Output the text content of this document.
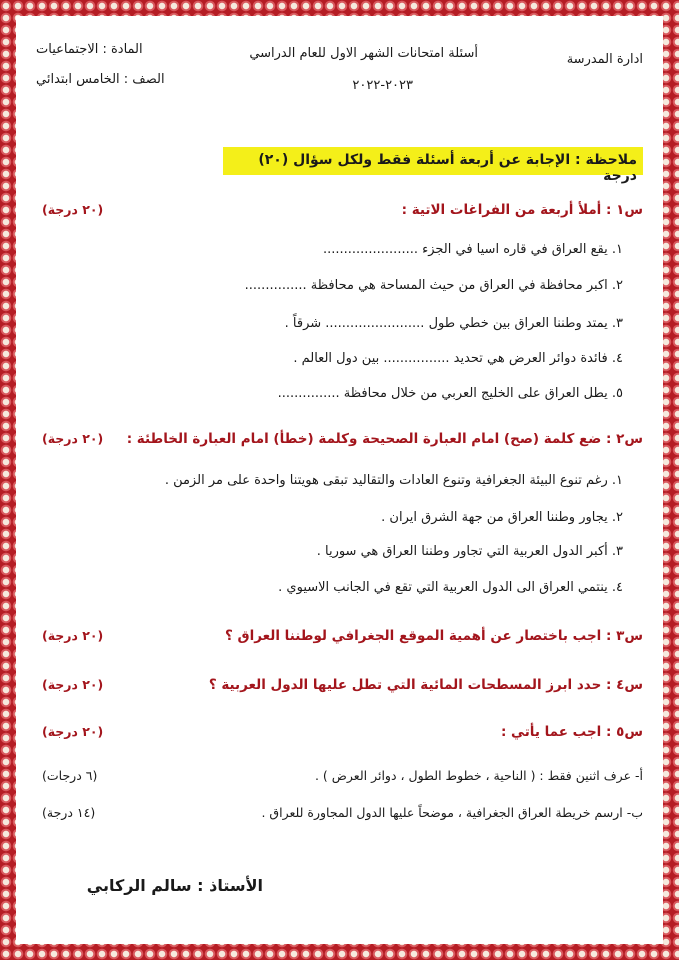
ادارة المدرسة
أسئلة امتحانات الشهر الاول للعام الدراسي
٢٠٢٣-٢٠٢٢
المادة : الاجتماعيات
الصف : الخامس ابتدائي
ملاحظة : الإجابة عن أربعة أسئلة فقط ولكل سؤال (٢٠) درجة
س١ : أملأ أربعة من الفراغات الاتية :
(٢٠ درجة)
١. يقع العراق في قاره اسيا في الجزء .......................
٢. اكبر محافظة في العراق من حيث المساحة هي محافظة ...............
٣. يمتد وطننا العراق بين خطي طول ........................ شرقاً .
٤. فائدة دوائر العرض هي تحديد ................ بين دول العالم .
٥. يطل العراق على الخليج العربي من خلال محافظة ...............
س٢ : ضع كلمة (صح) امام العبارة الصحيحة وكلمة (خطأ) امام العبارة الخاطئة :
(٢٠ درجة)
١. رغم تنوع البيئة الجغرافية وتنوع العادات والتقاليد تبقى هويتنا واحدة على مر الزمن .
٢. يجاور وطننا العراق من جهة الشرق ايران .
٣. أكبر الدول العربية التي تجاور وطننا العراق هي سوريا .
٤. ينتمي العراق الى الدول العربية التي تقع في الجانب الاسيوي .
س٣ : اجب باختصار عن أهمية الموقع الجغرافي لوطننا العراق ؟
(٢٠ درجة)
س٤ : حدد ابرز المسطحات المائية التي تطل عليها الدول العربية ؟
(٢٠ درجة)
س٥ : اجب عما يأتي :
(٢٠ درجة)
أ- عرف اثنين فقط : ( الناحية ، خطوط الطول ، دوائر العرض ) .
(٦ درجات)
ب- ارسم خريطة العراق الجغرافية ، موضحاً عليها الدول المجاورة للعراق .
(١٤ درجة)
الأستاذ : سالم الركابي
